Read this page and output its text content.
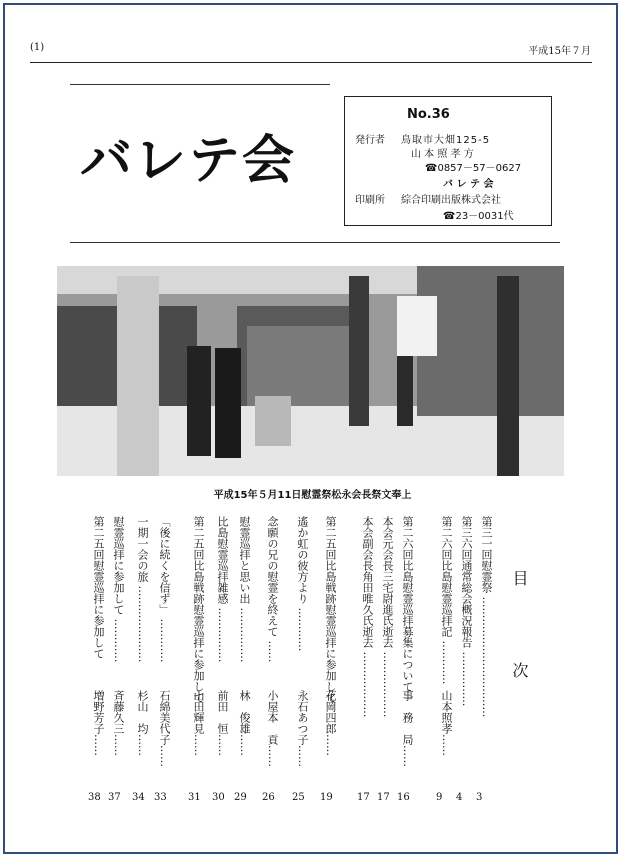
(1)	平成15年７月
バレテ会
No.36
発行者 鳥取市大畑125-5
山 本 照 孝 方
☎0857－57－0627
バ レ テ 会
印刷所 綜合印刷出版株式会社
☎23－0031代
平成15年５月11日慰霊祭松永会長祭文奉上
目　次
第三一回慰霊祭 ……………………………
3
第三六回通常総会概況報告 ……………
4
第二六回比島慰霊巡拝記 …………
山本照孝……
9
第二六回比島慰霊巡拝募集について
事　務　局……
16
本会元会長三宅尉進氏逝去 ………………
17
本会副会長角田唯久氏逝去 ………………
17
第二五回比島戦跡慰霊巡拝に参加して
花岡四郎……
19
遙か虹の彼方より …………
永石あつ子……
25
念願の兄の慰霊を終えて ……
小屋本　貢……
26
慰霊巡拝と思い出 ……………
林　俊雄……
29
比島慰霊巡拝雑感 ……………
前田　恒……
30
第二五回比島戦跡慰霊巡拝に参加して
山田輝見……
31
「後に続くを信ず」 …………
石綿美代子……
33
一期一会の旅 …………………
杉山　均……
34
慰霊巡拝に参加して …………
斉藤久三……
37
第二五回慰霊巡拝に参加して
増野芳子……
38
